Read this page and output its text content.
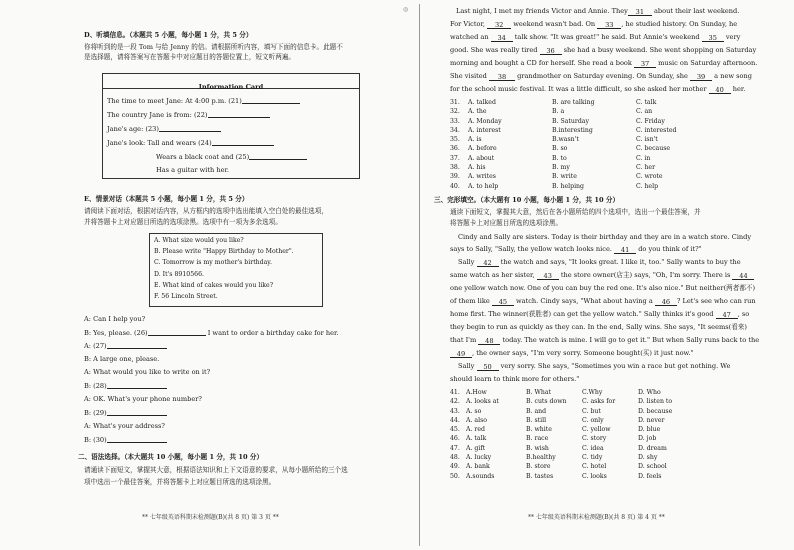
◎

D、听填信息。（本题共 5 小题，每小题 1 分，共 5 分）

你将听到的是一段 Tom 与给 Jenny 的信。请根据所听内容，填写下面的信息卡。此题不

是选择题，请将答案写在答题卡中对应题目的答题位置上，短文听两遍。

Information Card

The time to meet Jane: At 4:00 p.m. (21)

The country Jane is from: (22)

Jane's age: (23)

Jane's look: Tall and wears (24)

Wears a black coat and (25)

Has a guitar with her.

E、情景对话（本题共 5 小题，每小题 1 分，共 5 分）

请阅读下面对话，根据对话内容，从方框内的选项中选出能填入空白处的最佳选项，

并将答题卡上对应题目所选的选项涂黑。选项中有一项为多余选项。

A. What size would you like?

B. Please write "Happy Birthday to Mother".

C. Tomorrow is my mother's birthday.

D. It's 8910566.

E. What kind of cakes would you like?

F. 56 Lincoln Street.

A: Can I help you?

B: Yes, please. (26)	I want to order a birthday cake for her.

A: (27)

B: A large one, please.

A: What would you like to write on it?

B: (28)

A: OK. What's your phone number?

B: (29)

A: What's your address?

B: (30)

二、语法选择。（本大题共 10 小题，每小题 1 分，共 10 分）

请通读下面短文，掌握其大意，根据语法知识和上下文语意的要求，从每小题所给的三个选

项中选出一个最佳答案，并将答题卡上对应题目所选的选项涂黑。

** 七年级英语科期末检测题(B)(共 8 页) 第 3 页 **

Last night, I met my friends Victor and Annie. They 31 about their last weekend.

For Victor, 32 weekend wasn't bad. On 33 , he studied history. On Sunday, he

watched an 34 talk show. "It was great!" he said. But Annie's weekend 35 very

good. She was really tired 36 she had a busy weekend. She went shopping on Saturday

morning and bought a CD for herself. She read a book 37 music on Saturday afternoon.

She visited 38 grandmother on Saturday evening. On Sunday, she 39 a new song

for the school music festival. It was a little difficult, so she asked her mother 40 her.

31.	A. talked	B. are talking	C. talk
32.	A. the	B. a	C. an
33.	A. Monday	B. Saturday	C. Friday
34.	A. interest	B.interesting	C. interested
35.	A. is	B.wasn't	C. isn't
36.	A. before	B. so	C. because
37.	A. about	B. to	C. in
38.	A. his	B. my	C. her
39.	A. writes	B. write	C. wrote
40.	A. to help	B. helping	C. help

三、完形填空。（本大题有 10 小题，每小题 1 分，共 10 分）

通读下面短文，掌握其大意，然后在各小题所给的四个选项中，选出一个最佳答案，并

将答题卡上对应题目所选的选项涂黑。

Cindy and Sally are sisters. Today is their birthday and they are in a watch store. Cindy

says to Sally, "Sally, the yellow watch looks nice. 41 do you think of it?"

Sally 42 the watch and says, "It looks great. I like it, too." Sally wants to buy the

same watch as her sister, 43 the store owner(店主) says, "Oh, I'm sorry. There is 44

one yellow watch now. One of you can buy the red one. It's also nice." But neither(两者都不)

of them like 45 watch. Cindy says, "What about having a 46 ? Let's see who can run

home first. The winner(获胜者) can get the yellow watch." Sally thinks it's good 47 , so

they begin to run as quickly as they can. In the end, Sally wins. She says, "It seems(看来)

that I'm 48 today. The watch is mine. I will go to get it." But when Sally runs back to the

49 , the owner says, "I'm very sorry. Someone bought(买) it just now."

Sally 50 very sorry. She says, "Sometimes you win a race but get nothing. We

should learn to think more for others."

41.	A.How	B. What	C.Why	D. Who
42.	A. looks at	B. cuts down	C. asks for	D. listen to
43.	A. so	B. and	C. but	D. because
44.	A. also	B. still	C. only	D. never
45.	A. red	B. white	C. yellow	D. blue
46.	A. talk	B. race	C. story	D. job
47.	A. gift	B. wish	C. idea	D. dream
48.	A. lucky	B.healthy	C. tidy	D. shy
49.	A. bank	B. store	C. hotel	D. school
50.	A.sounds	B. tastes	C. looks	D. feels

** 七年级英语科期末检测题(B)(共 8 页) 第 4 页 **
